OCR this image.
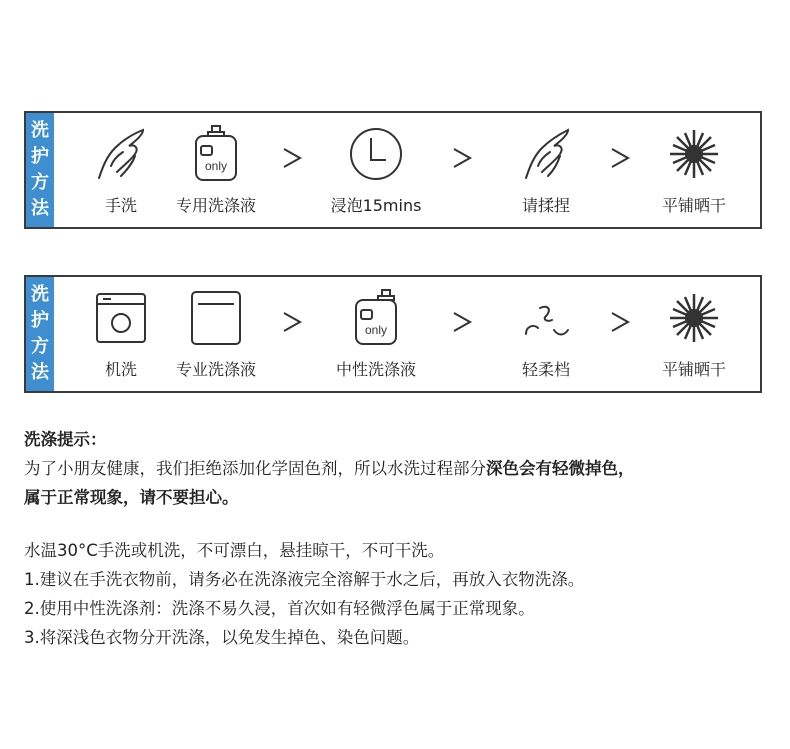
洗
护
方
法	手洗
only
专用洗涤液	浸泡15mins	请揉捏	平铺晒干
洗
护
方
法	机洗	专业洗涤液
only
中性洗涤液	轻柔档	平铺晒干

洗涤提示：

为了小朋友健康，我们拒绝添加化学固色剂，所以水洗过程部分深色会有轻微掉色，

属于正常现象，请不要担心。

水温30°C手洗或机洗，不可漂白，悬挂晾干，不可干洗。

1.建议在手洗衣物前，请务必在洗涤液完全溶解于水之后，再放入衣物洗涤。

2.使用中性洗涤剂：洗涤不易久浸，首次如有轻微浮色属于正常现象。

3.将深浅色衣物分开洗涤，以免发生掉色、染色问题。
